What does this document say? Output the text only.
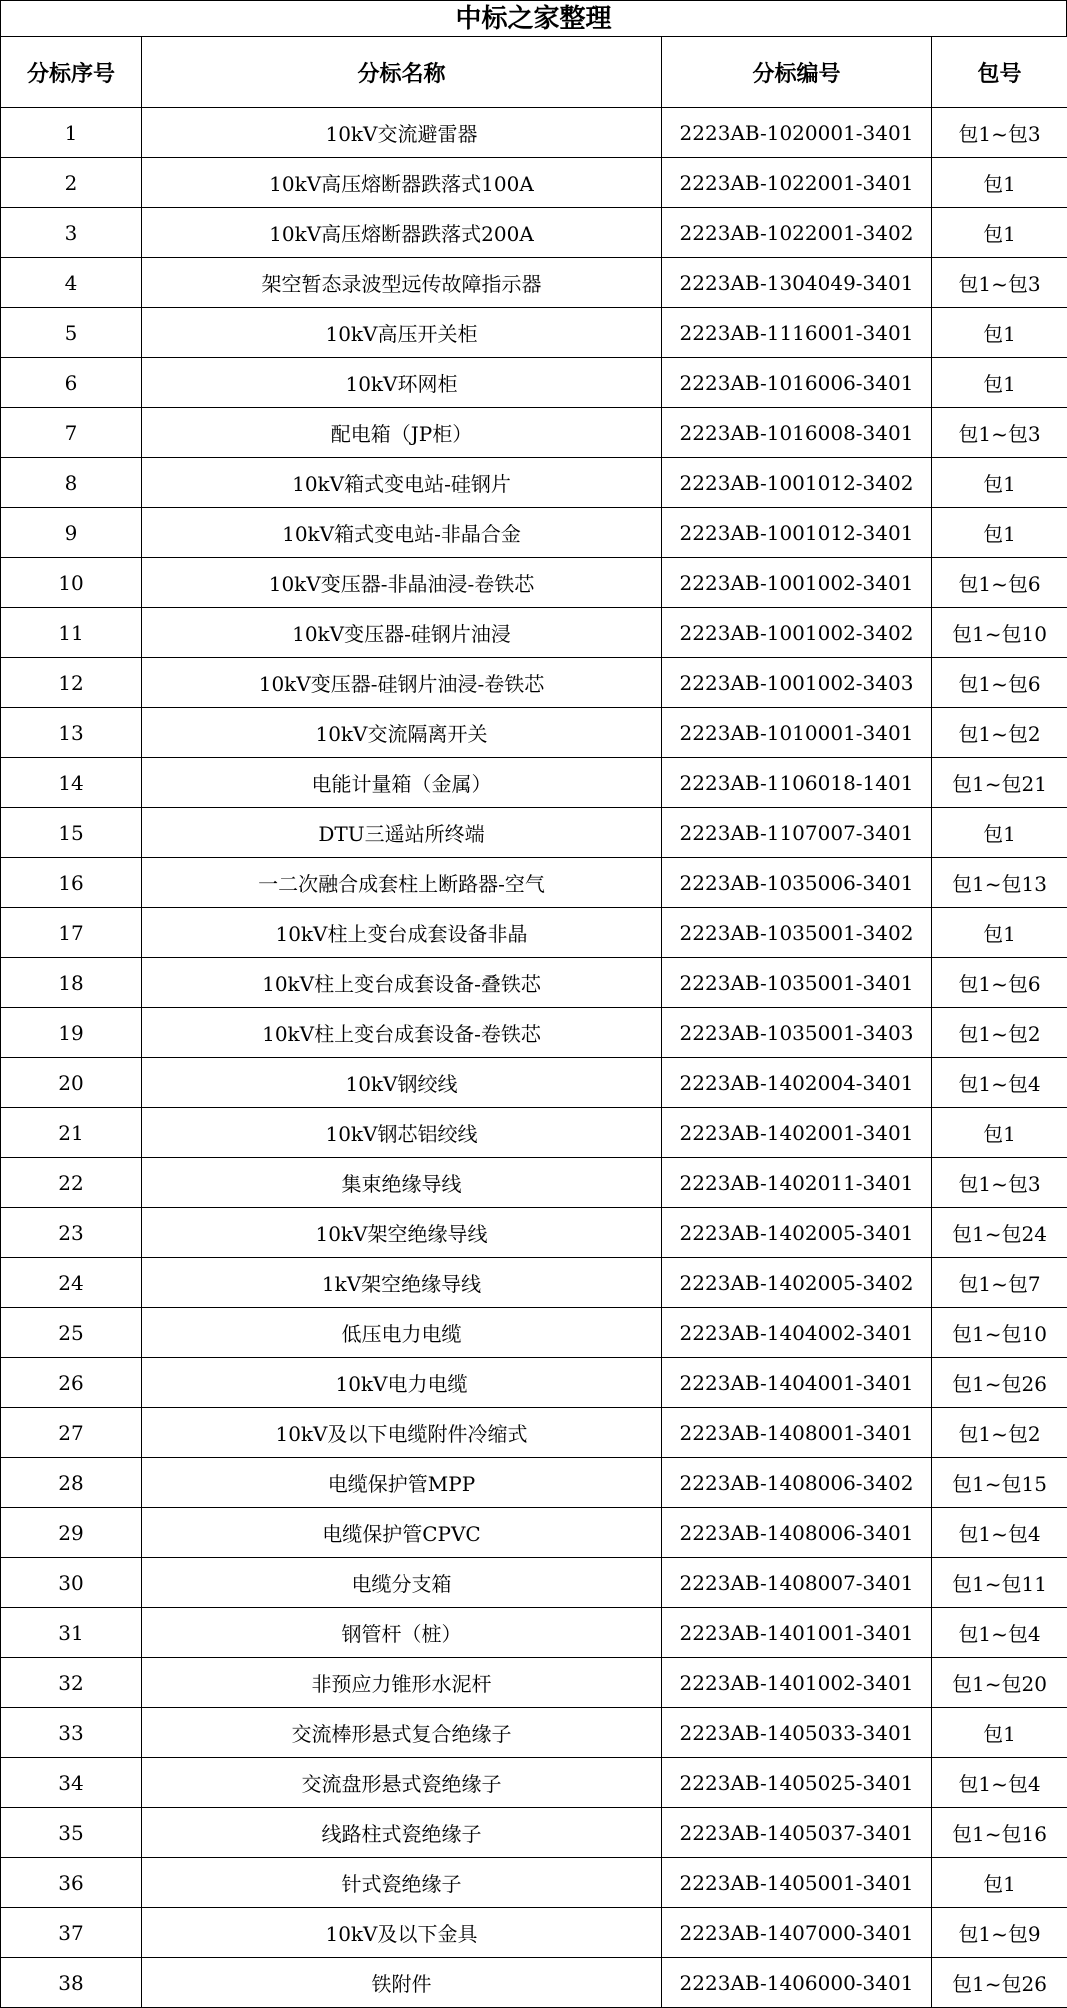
中标之家整理
分标序号	分标名称	分标编号	包号
1	10kV交流避雷器	2223AB-1020001-3401	包1~包3
2	10kV高压熔断器跌落式100A	2223AB-1022001-3401	包1
3	10kV高压熔断器跌落式200A	2223AB-1022001-3402	包1
4	架空暂态录波型远传故障指示器	2223AB-1304049-3401	包1~包3
5	10kV高压开关柜	2223AB-1116001-3401	包1
6	10kV环网柜	2223AB-1016006-3401	包1
7	配电箱（JP柜）	2223AB-1016008-3401	包1~包3
8	10kV箱式变电站-硅钢片	2223AB-1001012-3402	包1
9	10kV箱式变电站-非晶合金	2223AB-1001012-3401	包1
10	10kV变压器-非晶油浸-卷铁芯	2223AB-1001002-3401	包1~包6
11	10kV变压器-硅钢片油浸	2223AB-1001002-3402	包1~包10
12	10kV变压器-硅钢片油浸-卷铁芯	2223AB-1001002-3403	包1~包6
13	10kV交流隔离开关	2223AB-1010001-3401	包1~包2
14	电能计量箱（金属）	2223AB-1106018-1401	包1~包21
15	DTU三遥站所终端	2223AB-1107007-3401	包1
16	一二次融合成套柱上断路器-空气	2223AB-1035006-3401	包1~包13
17	10kV柱上变台成套设备非晶	2223AB-1035001-3402	包1
18	10kV柱上变台成套设备-叠铁芯	2223AB-1035001-3401	包1~包6
19	10kV柱上变台成套设备-卷铁芯	2223AB-1035001-3403	包1~包2
20	10kV钢绞线	2223AB-1402004-3401	包1~包4
21	10kV钢芯铝绞线	2223AB-1402001-3401	包1
22	集束绝缘导线	2223AB-1402011-3401	包1~包3
23	10kV架空绝缘导线	2223AB-1402005-3401	包1~包24
24	1kV架空绝缘导线	2223AB-1402005-3402	包1~包7
25	低压电力电缆	2223AB-1404002-3401	包1~包10
26	10kV电力电缆	2223AB-1404001-3401	包1~包26
27	10kV及以下电缆附件冷缩式	2223AB-1408001-3401	包1~包2
28	电缆保护管MPP	2223AB-1408006-3402	包1~包15
29	电缆保护管CPVC	2223AB-1408006-3401	包1~包4
30	电缆分支箱	2223AB-1408007-3401	包1~包11
31	钢管杆（桩）	2223AB-1401001-3401	包1~包4
32	非预应力锥形水泥杆	2223AB-1401002-3401	包1~包20
33	交流棒形悬式复合绝缘子	2223AB-1405033-3401	包1
34	交流盘形悬式瓷绝缘子	2223AB-1405025-3401	包1~包4
35	线路柱式瓷绝缘子	2223AB-1405037-3401	包1~包16
36	针式瓷绝缘子	2223AB-1405001-3401	包1
37	10kV及以下金具	2223AB-1407000-3401	包1~包9
38	铁附件	2223AB-1406000-3401	包1~包26
